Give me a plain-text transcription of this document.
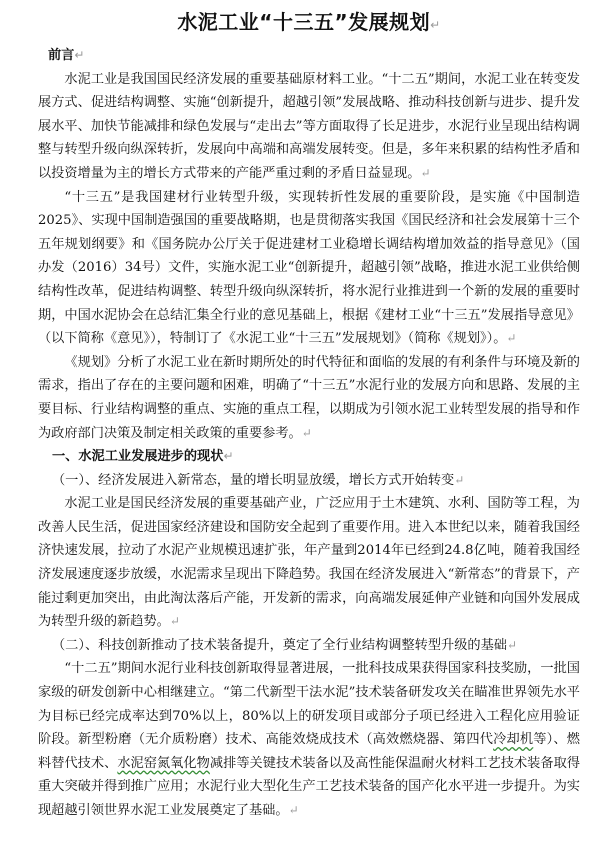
水泥工业“十三五”发展规划↵
前言↵

水泥工业是我国国民经济发展的重要基础原材料工业。“十二五”期间，水泥工业在转变发展方式、促进结构调整、实施“创新提升，超越引领”发展战略、推动科技创新与进步、提升发展水平、加快节能减排和绿色发展与“走出去”等方面取得了长足进步，水泥行业呈现出结构调整与转型升级向纵深转折，发展向中高端和高端发展转变。但是，多年来积累的结构性矛盾和以投资增量为主的增长方式带来的产能严重过剩的矛盾日益显现。↵

“十三五”是我国建材行业转型升级，实现转折性发展的重要阶段，是实施《中国制造2025》、实现中国制造强国的重要战略期，也是贯彻落实我国《国民经济和社会发展第十三个五年规划纲要》和《国务院办公厅关于促进建材工业稳增长调结构增加效益的指导意见》（国办发（2016）34号）文件，实施水泥工业“创新提升，超越引领”战略，推进水泥工业供给侧结构性改革，促进结构调整、转型升级向纵深转折，将水泥行业推进到一个新的发展的重要时期，中国水泥协会在总结汇集全行业的意见基础上，根据《建材工业“十三五”发展指导意见》（以下简称《意见》），特制订了《水泥工业“十三五”发展规划》（简称《规划》）。↵

《规划》分析了水泥工业在新时期所处的时代特征和面临的发展的有利条件与环境及新的需求，指出了存在的主要问题和困难，明确了“十三五”水泥行业的发展方向和思路、发展的主要目标、行业结构调整的重点、实施的重点工程，以期成为引领水泥工业转型发展的指导和作为政府部门决策及制定相关政策的重要参考。↵

一、水泥工业发展进步的现状↵
（一）、经济发展进入新常态，量的增长明显放缓，增长方式开始转变↵

水泥工业是国民经济发展的重要基础产业，广泛应用于土木建筑、水利、国防等工程，为改善人民生活，促进国家经济建设和国防安全起到了重要作用。进入本世纪以来，随着我国经济快速发展，拉动了水泥产业规模迅速扩张，年产量到2014年已经到24.8亿吨，随着我国经济发展速度逐步放缓，水泥需求呈现出下降趋势。我国在经济发展进入“新常态”的背景下，产能过剩更加突出，由此淘汰落后产能，开发新的需求，向高端发展延伸产业链和向国外发展成为转型升级的新趋势。↵

（二）、科技创新推动了技术装备提升，奠定了全行业结构调整转型升级的基础↵

“十二五”期间水泥行业科技创新取得显著进展，一批科技成果获得国家科技奖励，一批国家级的研发创新中心相继建立。“第二代新型干法水泥”技术装备研发攻关在瞄准世界领先水平为目标已经完成率达到70%以上，80%以上的研发项目或部分子项已经进入工程化应用验证阶段。新型粉磨（无介质粉磨）技术、高能效烧成技术（高效燃烧器、第四代冷却机等）、燃料替代技术、水泥窑氮氧化物减排等关键技术装备以及高性能保温耐火材料工艺技术装备取得重大突破并得到推广应用；水泥行业大型化生产工艺技术装备的国产化水平进一步提升。为实现超越引领世界水泥工业发展奠定了基础。↵
